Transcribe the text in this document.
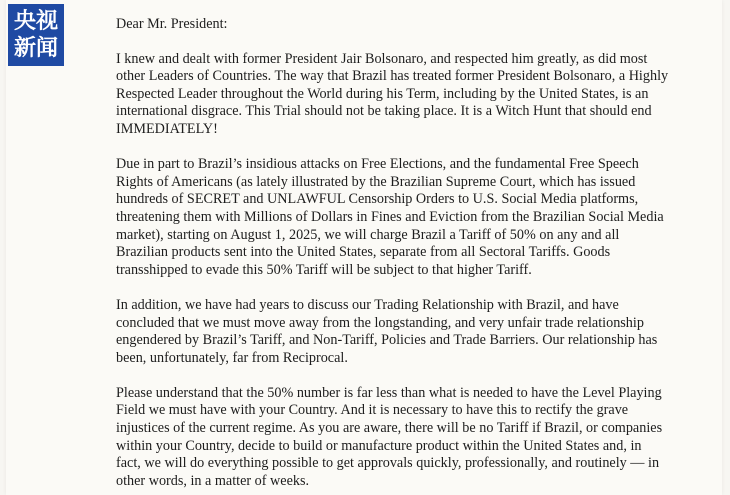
Dear Mr. President:
I knew and dealt with former President Jair Bolsonaro, and respected him greatly, as did most
other Leaders of Countries. The way that Brazil has treated former President Bolsonaro, a Highly
Respected Leader throughout the World during his Term, including by the United States, is an
international disgrace. This Trial should not be taking place. It is a Witch Hunt that should end
IMMEDIATELY!
Due in part to Brazil’s insidious attacks on Free Elections, and the fundamental Free Speech
Rights of Americans (as lately illustrated by the Brazilian Supreme Court, which has issued
hundreds of SECRET and UNLAWFUL Censorship Orders to U.S. Social Media platforms,
threatening them with Millions of Dollars in Fines and Eviction from the Brazilian Social Media
market), starting on August 1, 2025, we will charge Brazil a Tariff of 50% on any and all
Brazilian products sent into the United States, separate from all Sectoral Tariffs. Goods
transshipped to evade this 50% Tariff will be subject to that higher Tariff.
In addition, we have had years to discuss our Trading Relationship with Brazil, and have
concluded that we must move away from the longstanding, and very unfair trade relationship
engendered by Brazil’s Tariff, and Non-Tariff, Policies and Trade Barriers. Our relationship has
been, unfortunately, far from Reciprocal.
Please understand that the 50% number is far less than what is needed to have the Level Playing
Field we must have with your Country. And it is necessary to have this to rectify the grave
injustices of the current regime. As you are aware, there will be no Tariff if Brazil, or companies
within your Country, decide to build or manufacture product within the United States and, in
fact, we will do everything possible to get approvals quickly, professionally, and routinely — in
other words, in a matter of weeks.
央视
新闻
